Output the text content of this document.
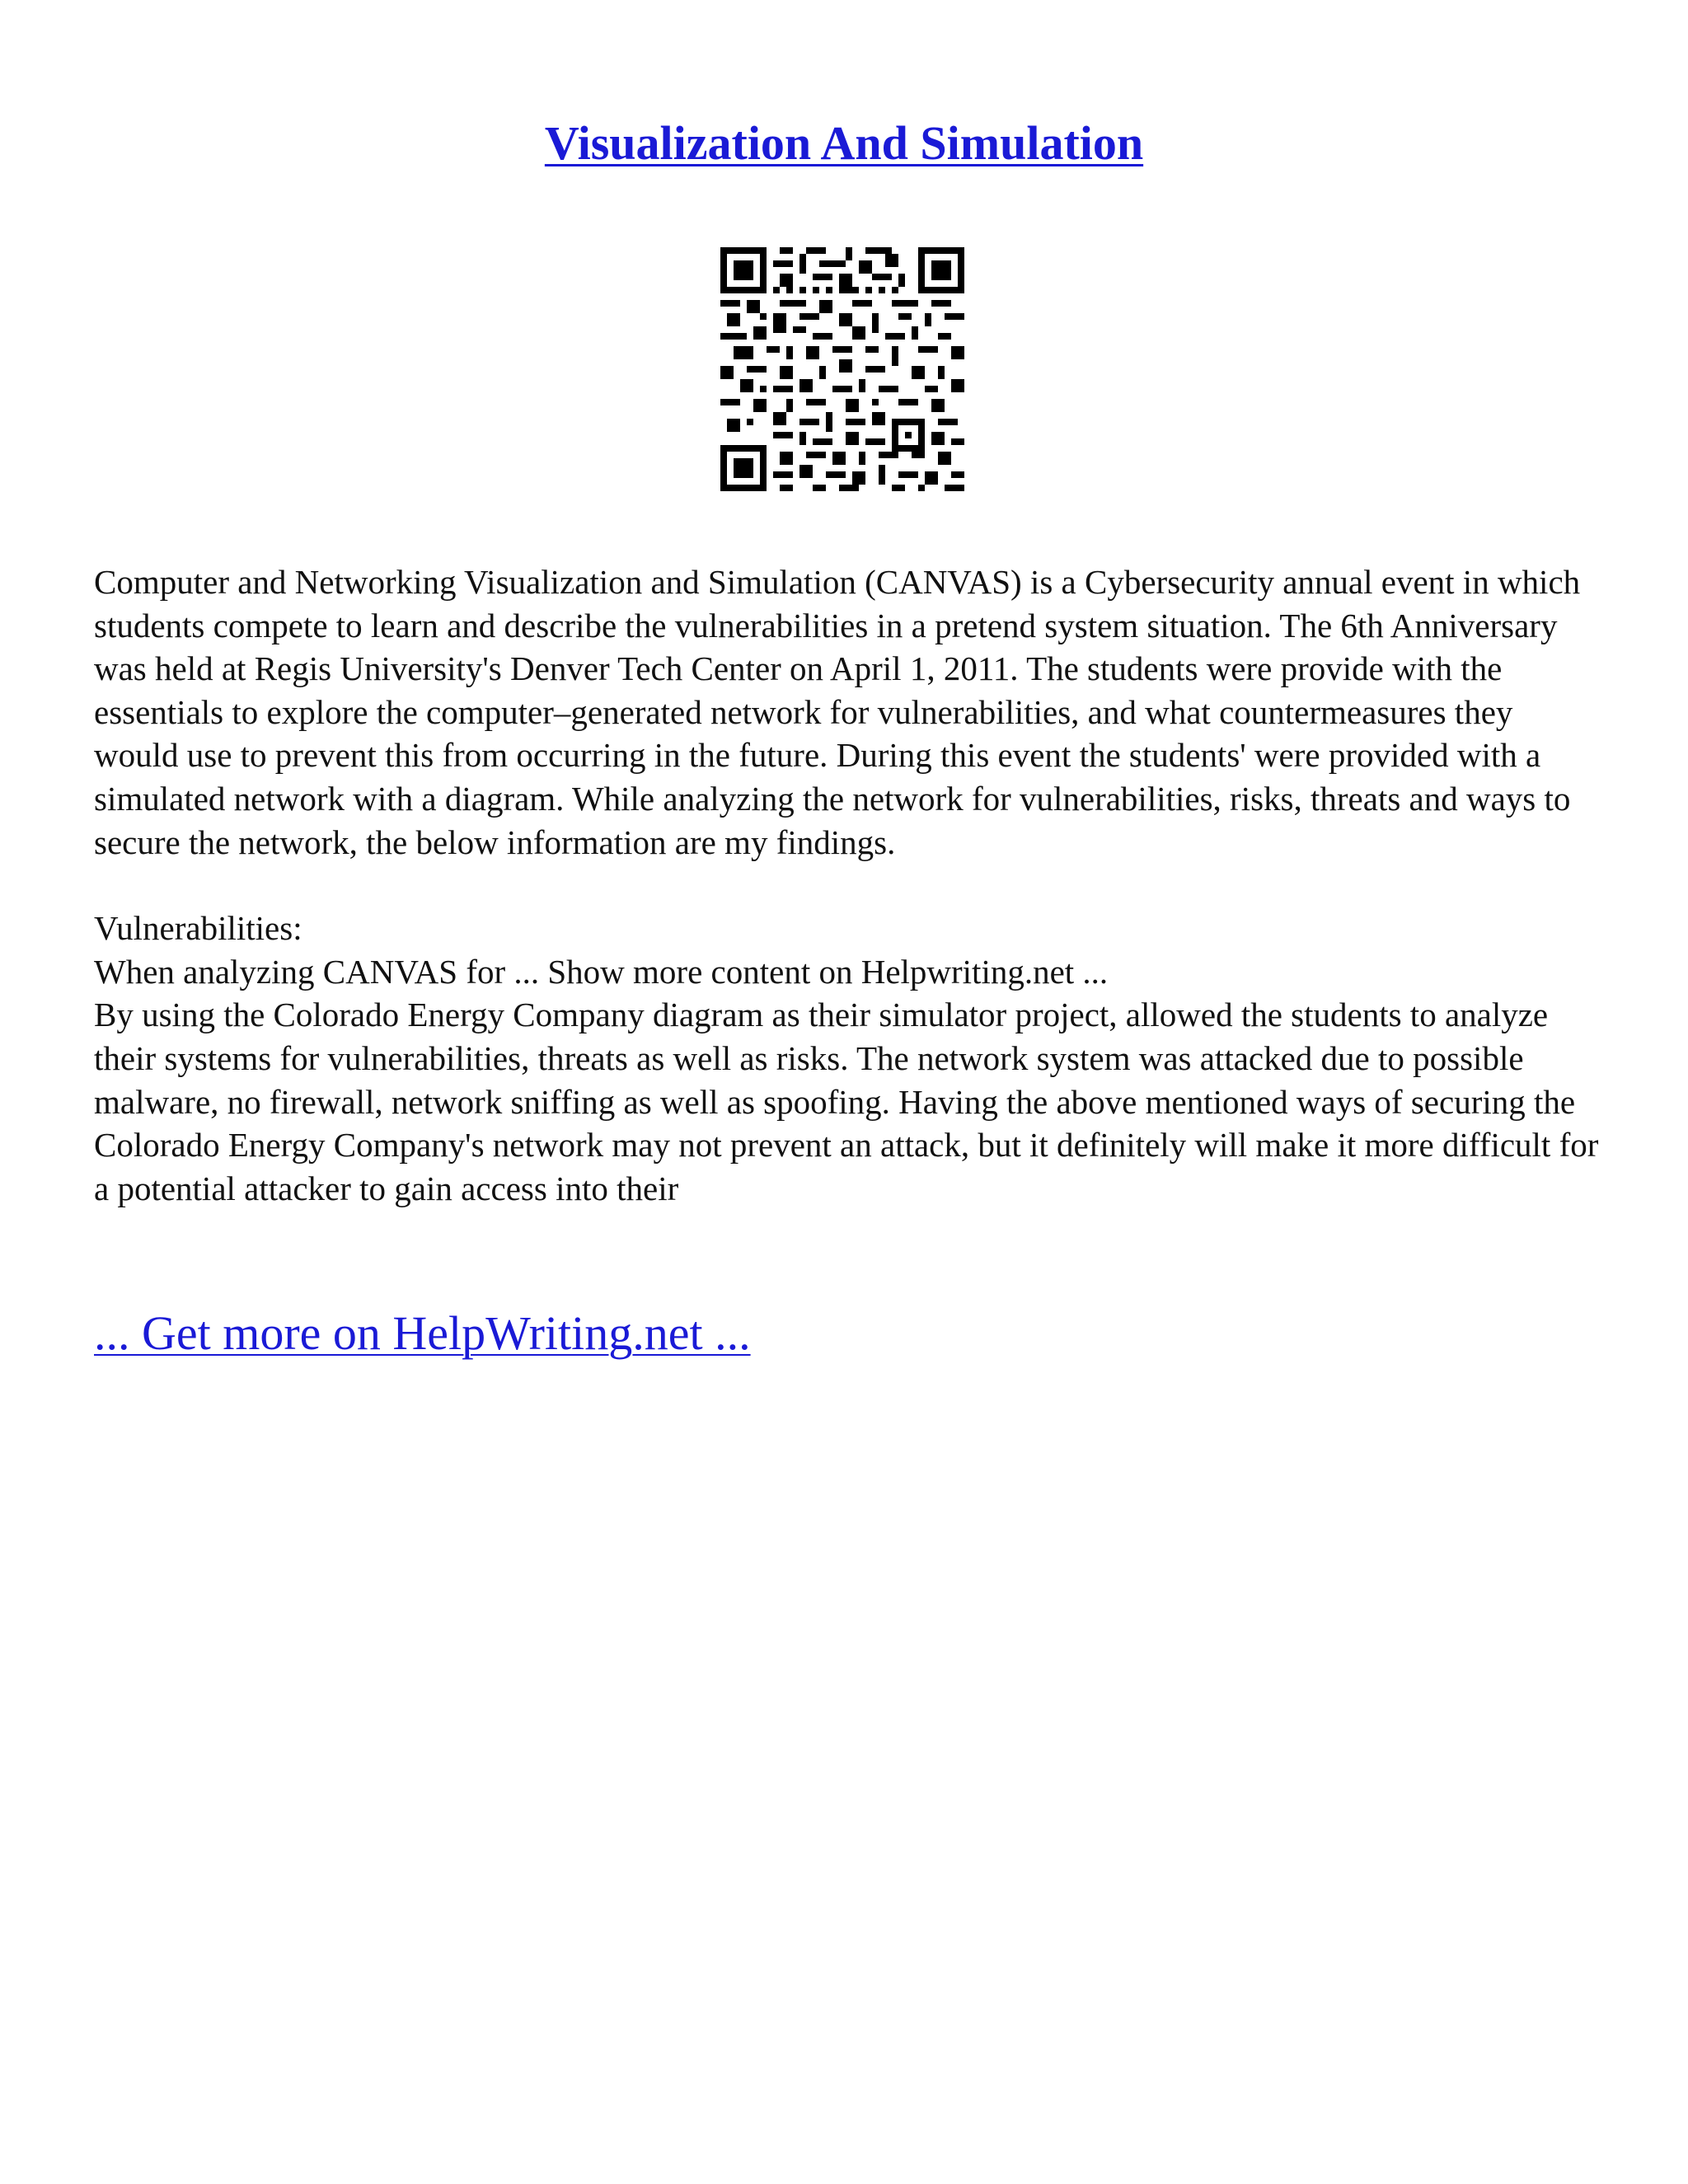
Visualization And Simulation

Computer and Networking Visualization and Simulation (CANVAS) is a Cybersecurity annual event in which students compete to learn and describe the vulnerabilities in a pretend system situation. The 6th Anniversary was held at Regis University's Denver Tech Center on April 1, 2011. The students were provide with the essentials to explore the computer–generated network for vulnerabilities, and what countermeasures they would use to prevent this from occurring in the future. During this event the students' were provided with a simulated network with a diagram. While analyzing the network for vulnerabilities, risks, threats and ways to secure the network, the below information are my findings.

Vulnerabilities:

When analyzing CANVAS for ... Show more content on Helpwriting.net ...

By using the Colorado Energy Company diagram as their simulator project, allowed the students to analyze their systems for vulnerabilities, threats as well as risks. The network system was attacked due to possible malware, no firewall, network sniffing as well as spoofing. Having the above mentioned ways of securing the Colorado Energy Company's network may not prevent an attack, but it definitely will make it more difficult for a potential attacker to gain access into their

... Get more on HelpWriting.net ...
